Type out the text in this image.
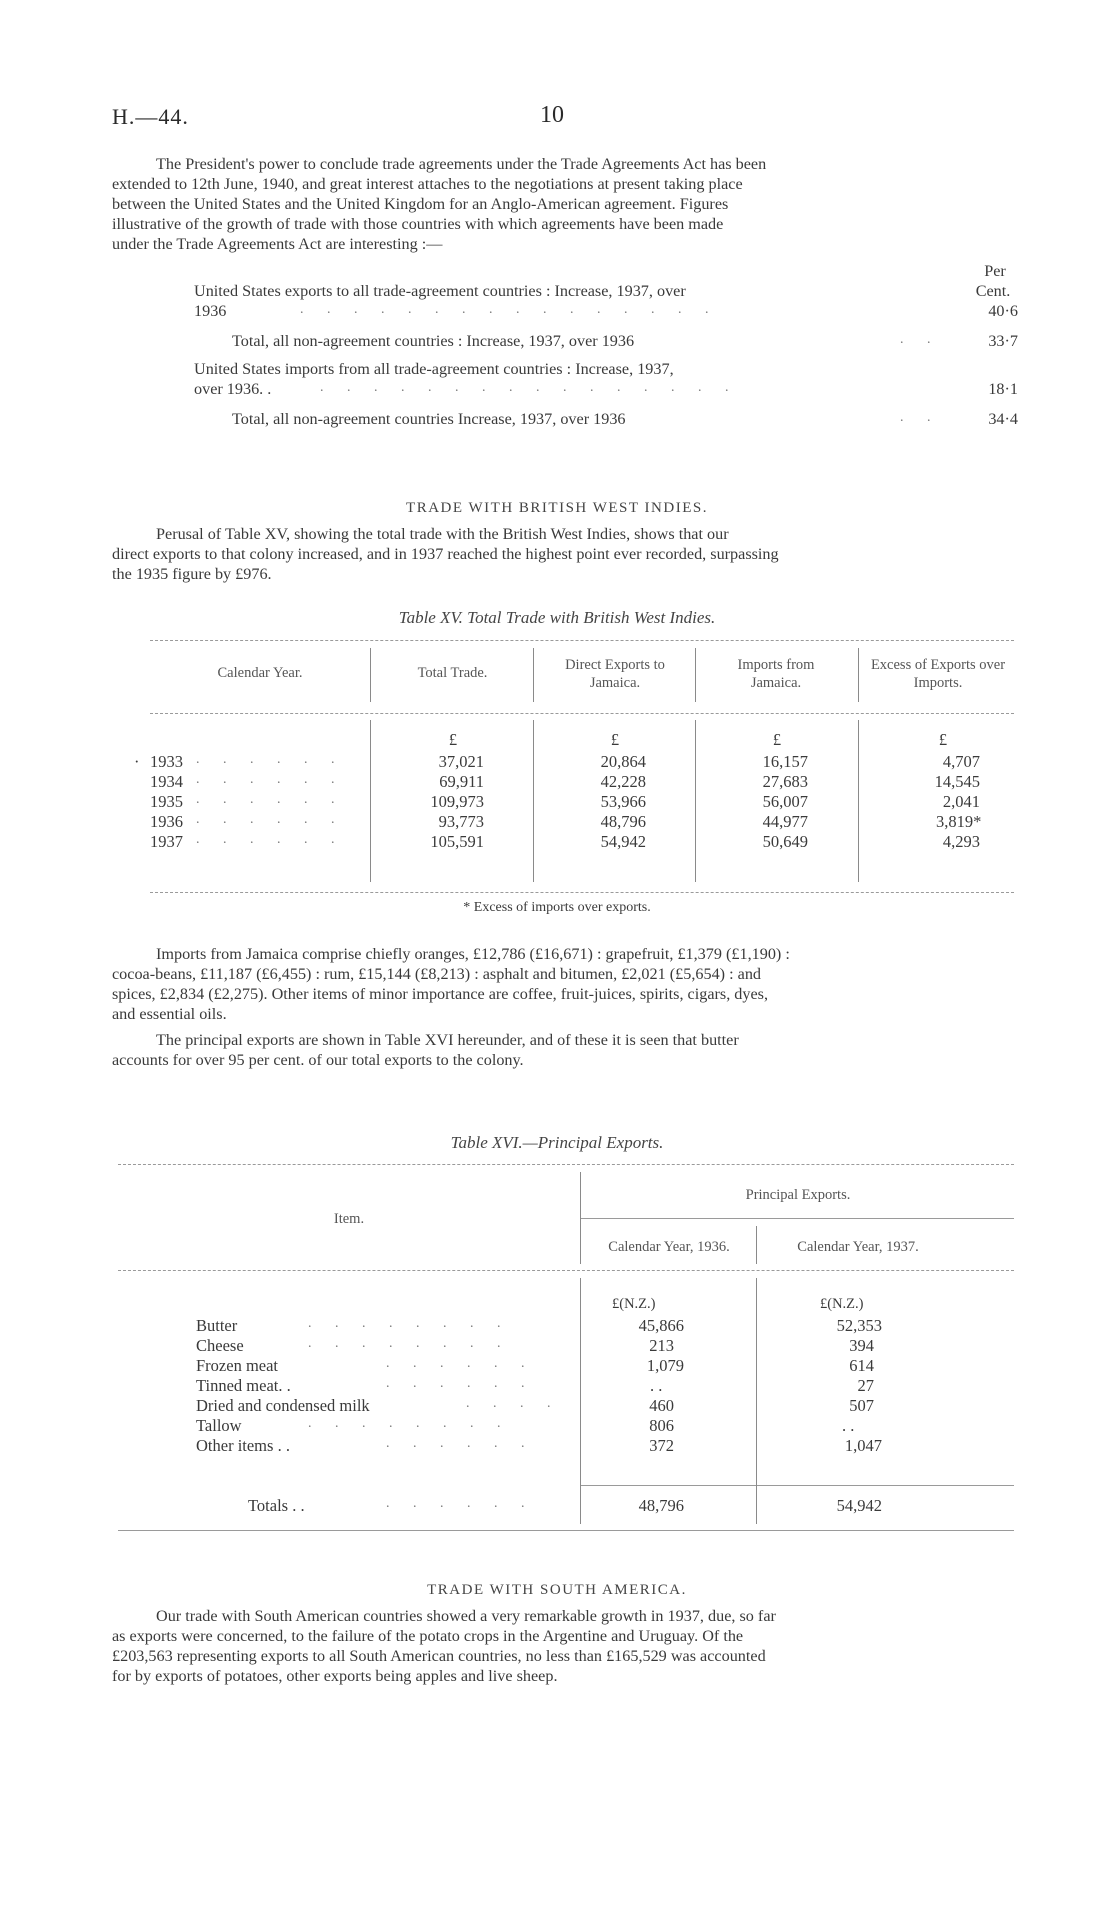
H.—44.	10

The President's power to conclude trade agreements under the Trade Agreements Act has been
extended to 12th June, 1940, and great interest attaches to the negotiations at present taking place
between the United States and the United Kingdom for an Anglo-American agreement. Figures
illustrative of the growth of trade with those countries with which agreements have been made
under the Trade Agreements Act are interesting :—

Per
Cent.
United States exports to all trade-agreement countries : Increase, 1937, over
1936	. . . . . . . . . . . . . . . .	40·6
Total, all non-agreement countries : Increase, 1937, over 1936	. .	33·7
United States imports from all trade-agreement countries : Increase, 1937,
over 1936. .	. . . . . . . . . . . . . . . .	18·1
Total, all non-agreement countries Increase, 1937, over 1936	. .	34·4
TRADE WITH BRITISH WEST INDIES.

Perusal of Table XV, showing the total trade with the British West Indies, shows that our
direct exports to that colony increased, and in 1937 reached the highest point ever recorded, surpassing
the 1935 figure by £976.

Table XV. Total Trade with British West Indies.
Calendar Year.	Total Trade.	Direct Exports to Jamaica.
Imports from Jamaica.
Excess of Exports over Imports.
£	£	£	£
· 1933 . . . . . .	37,021	20,864	16,157	4,707
1934 . . . . . .	69,911	42,228	27,683	14,545
1935 . . . . . .	109,973	53,966	56,007	2,041
1936 . . . . . .	93,773	48,796	44,977	3,819*
1937 . . . . . .	105,591	54,942	50,649	4,293
* Excess of imports over exports.

Imports from Jamaica comprise chiefly oranges, £12,786 (£16,671) : grapefruit, £1,379 (£1,190) :
cocoa-beans, £11,187 (£6,455) : rum, £15,144 (£8,213) : asphalt and bitumen, £2,021 (£5,654) : and
spices, £2,834 (£2,275). Other items of minor importance are coffee, fruit-juices, spirits, cigars, dyes,
and essential oils.

The principal exports are shown in Table XVI hereunder, and of these it is seen that butter
accounts for over 95 per cent. of our total exports to the colony.

Table XVI.—Principal Exports.
Item.
Principal Exports.
Calendar Year, 1936.	Calendar Year, 1937.
£(N.Z.)	£(N.Z.)
Butter	. . . . . . . .	45,866	52,353
Cheese	. . . . . . . .	213	394
Frozen meat	. . . . . .	1,079	614
Tinned meat. .	. . . . . .	. .	27
Dried and condensed milk	. . . .	460	507
Tallow	. . . . . . . .	806	. .
Other items . .	. . . . . .	372	1,047
Totals . .	. . . . . .	48,796	54,942
TRADE WITH SOUTH AMERICA.

Our trade with South American countries showed a very remarkable growth in 1937, due, so far
as exports were concerned, to the failure of the potato crops in the Argentine and Uruguay. Of the
£203,563 representing exports to all South American countries, no less than £165,529 was accounted
for by exports of potatoes, other exports being apples and live sheep.
